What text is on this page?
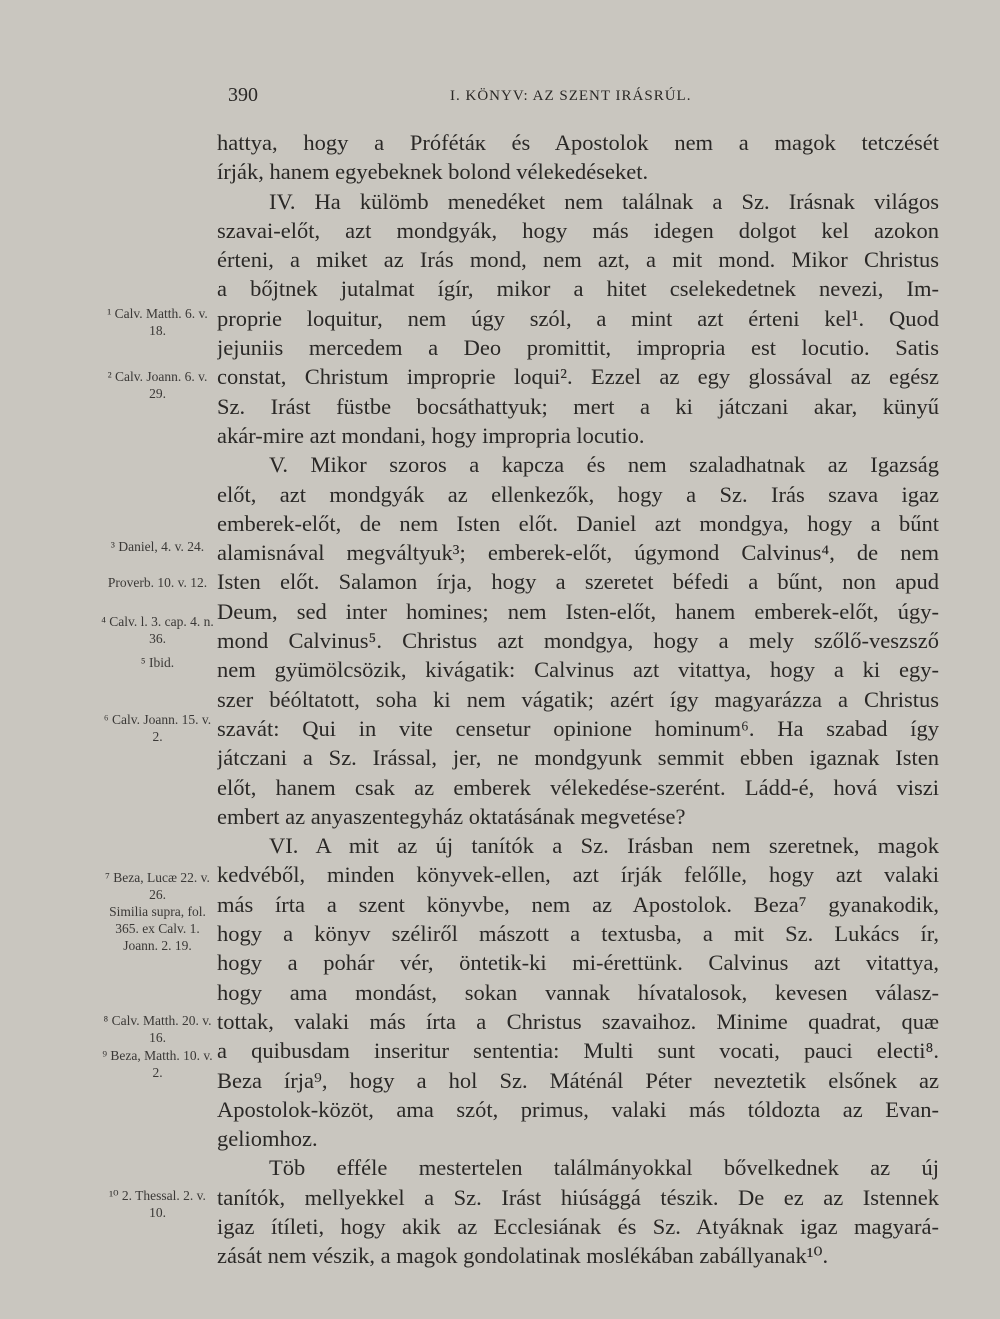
390	I. KÖNYV: AZ SZENT IRÁSRÚL.
hattya, hogy a Prófétáк és Apostolok nem a magok tetczését
írják, hanem egyebeknek bolond vélekedéseket.
IV. Ha külömb menedéket nem találnak a Sz. Irásnak világos
szavai-előt, azt mondgyák, hogy más idegen dolgot kel azokon
érteni, a miket az Irás mond, nem azt, a mit mond. Mikor Christus
a bőjtnek jutalmat ígír, mikor a hitet cselekedetnek nevezi, Im-
proprie loquitur, nem úgy szól, a mint azt érteni kel¹. Quod
jejuniis mercedem a Deo promittit, impropria est locutio. Satis
constat, Christum improprie loqui². Ezzel az egy glossával az egész
Sz. Irást füstbe bocsáthattyuk; mert a ki játczani akar, künyű
akár-mire azt mondani, hogy impropria locutio.
V. Mikor szoros a kapcza és nem szaladhatnak az Igazság
előt, azt mondgyák az ellenkezők, hogy a Sz. Irás szava igaz
emberek-előt, de nem Isten előt. Daniel azt mondgya, hogy a bűnt
alamisnával megváltyuk³; emberek-előt, úgymond Calvinus⁴, de nem
Isten előt. Salamon írja, hogy a szeretet béfedi a bűnt, non apud
Deum, sed inter homines; nem Isten-előt, hanem emberek-előt, úgy-
mond Calvinus⁵. Christus azt mondgya, hogy a mely szőlő-veszsző
nem gyümölcsözik, kivágatik: Calvinus azt vitattya, hogy a ki egy-
szer béóltatott, soha ki nem vágatik; azért így magyarázza a Christus
szavát: Qui in vite censetur opinione hominum⁶. Ha szabad így
játczani a Sz. Irással, jer, ne mondgyunk semmit ebben igaznak Isten
előt, hanem csak az emberek vélekedése-szerént. Ládd-é, hová viszi
embert az anyaszentegyház oktatásának megvetése?
VI. A mit az új tanítók a Sz. Irásban nem szeretnek, magok
kedvéből, minden könyvek-ellen, azt írják felőlle, hogy azt valaki
más írta a szent könyvbe, nem az Apostolok. Beza⁷ gyanakodik,
hogy a könyv széliről mászott a textusba, a mit Sz. Lukács ír,
hogy a pohár vér, öntetik-ki mi-érettünk. Calvinus azt vitattya,
hogy ama mondást, sokan vannak hívatalosok, kevesen válasz-
tottak, valaki más írta a Christus szavaihoz. Minime quadrat, quæ
a quibusdam inseritur sententia: Multi sunt vocati, pauci electi⁸.
Beza írja⁹, hogy a hol Sz. Máténál Péter neveztetik elsőnek az
Apostolok-közöt, ama szót, primus, valaki más tóldozta az Evan-
geliomhoz.
Töb efféle mestertelen találmányokkal bővelkednek az új
tanítók, mellyekkel a Sz. Irást hiúsággá tészik. De ez az Istennek
igaz ítíleti, hogy akik az Ecclesiának és Sz. Atyáknak igaz magyará-
zását nem vészik, a magok gondolatinak moslékában zabállyanak¹⁰.
¹ Calv. Matth. 6. v. 18.
² Calv. Joann. 6. v. 29.
³ Daniel, 4. v. 24.
Proverb. 10. v. 12.
⁴ Calv. l. 3. cap. 4. n. 36.
⁵ Ibid.
⁶ Calv. Joann. 15. v. 2.
⁷ Beza, Lucæ 22. v. 26.
Similia supra, fol. 365. ex Calv. 1. Joann. 2. 19.
⁸ Calv. Matth. 20. v. 16.
⁹ Beza, Matth. 10. v. 2.
¹⁰ 2. Thessal. 2. v. 10.
